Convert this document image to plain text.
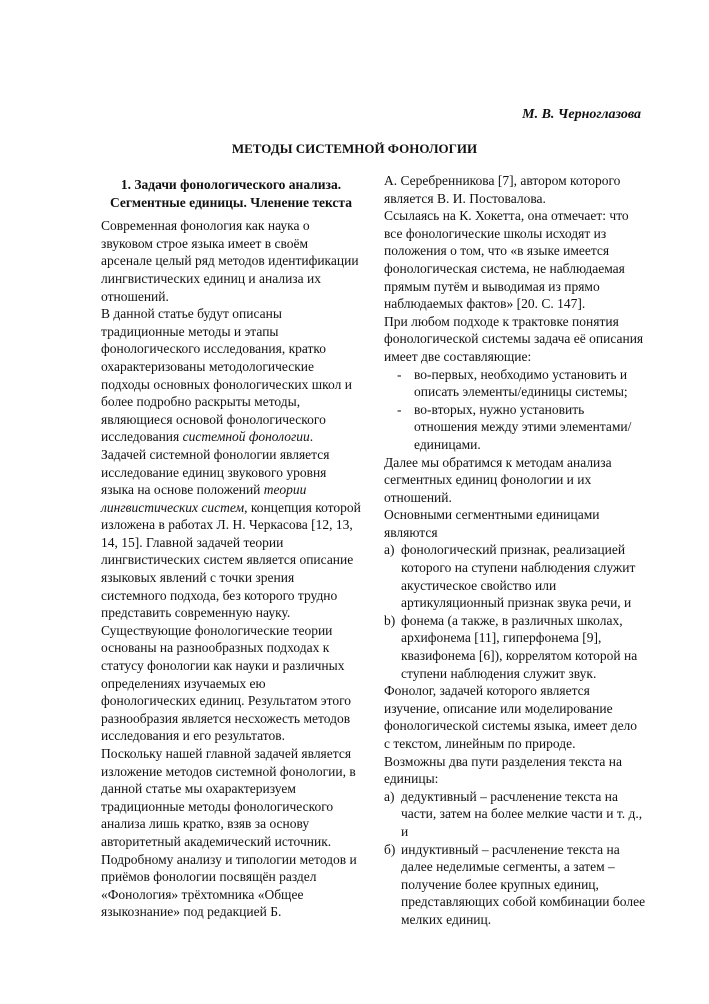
М. В. Черноглазова
МЕТОДЫ СИСТЕМНОЙ ФОНОЛОГИИ
1. Задачи фонологического анализа. Сегментные единицы. Членение текста

Современная фонология как наука о звуковом строе языка имеет в своём арсенале целый ряд методов идентификации лингвистических единиц и анализа их отношений.

В данной статье будут описаны традиционные методы и этапы фонологического исследования, кратко охарактеризованы методологические подходы основных фонологических школ и более подробно раскрыты методы, являющиеся основой фонологического исследования системной фонологии.

Задачей системной фонологии является исследование единиц звукового уровня языка на основе положений теории лингвистических систем, концепция которой изложена в работах Л. Н. Черкасова [12, 13, 14, 15]. Главной задачей теории лингвистических систем является описание языковых явлений с точки зрения системного подхода, без которого трудно представить современную науку.

Существующие фонологические теории основаны на разнообразных подходах к статусу фонологии как науки и различных определениях изучаемых ею фонологических единиц. Результатом этого разнообразия является несхожесть методов исследования и его результатов.

Поскольку нашей главной задачей является изложение методов системной фонологии, в данной статье мы охарактеризуем традиционные методы фонологического анализа лишь кратко, взяв за основу авторитетный академический источник.

Подробному анализу и типологии методов и приёмов фонологии посвящён раздел «Фонология» трёхтомника «Общее языкознание» под редакцией Б.

А. Серебренникова [7], автором которого является В. И. Постовалова.

Ссылаясь на К. Хокетта, она отмечает: что все фонологические школы исходят из положения о том, что «в языке имеется фонологическая система, не наблюдаемая прямым путём и выводимая из прямо наблюдаемых фактов» [20. С. 147].

При любом подходе к трактовке понятия фонологической системы задача её описания имеет две составляющие:

- во-первых, необходимо установить и описать элементы/единицы системы;
- во-вторых, нужно установить отношения между этими элементами/единицами.

Далее мы обратимся к методам анализа сегментных единиц фонологии и их отношений.

Основными сегментными единицами являются

a) фонологический признак, реализацией которого на ступени наблюдения служит акустическое свойство или артикуляционный признак звука речи, и
b) фонема (а также, в различных школах, архифонема [11], гиперфонема [9], квазифонема [6]), коррелятом которой на ступени наблюдения служит звук.

Фонолог, задачей которого является изучение, описание или моделирование фонологической системы языка, имеет дело с текстом, линейным по природе.

Возможны два пути разделения текста на единицы:

а) дедуктивный – расчленение текста на части, затем на более мелкие части и т. д., и
б) индуктивный – расчленение текста на далее неделимые сегменты, а затем – получение более крупных единиц, представляющих собой комбинации более мелких единиц.
